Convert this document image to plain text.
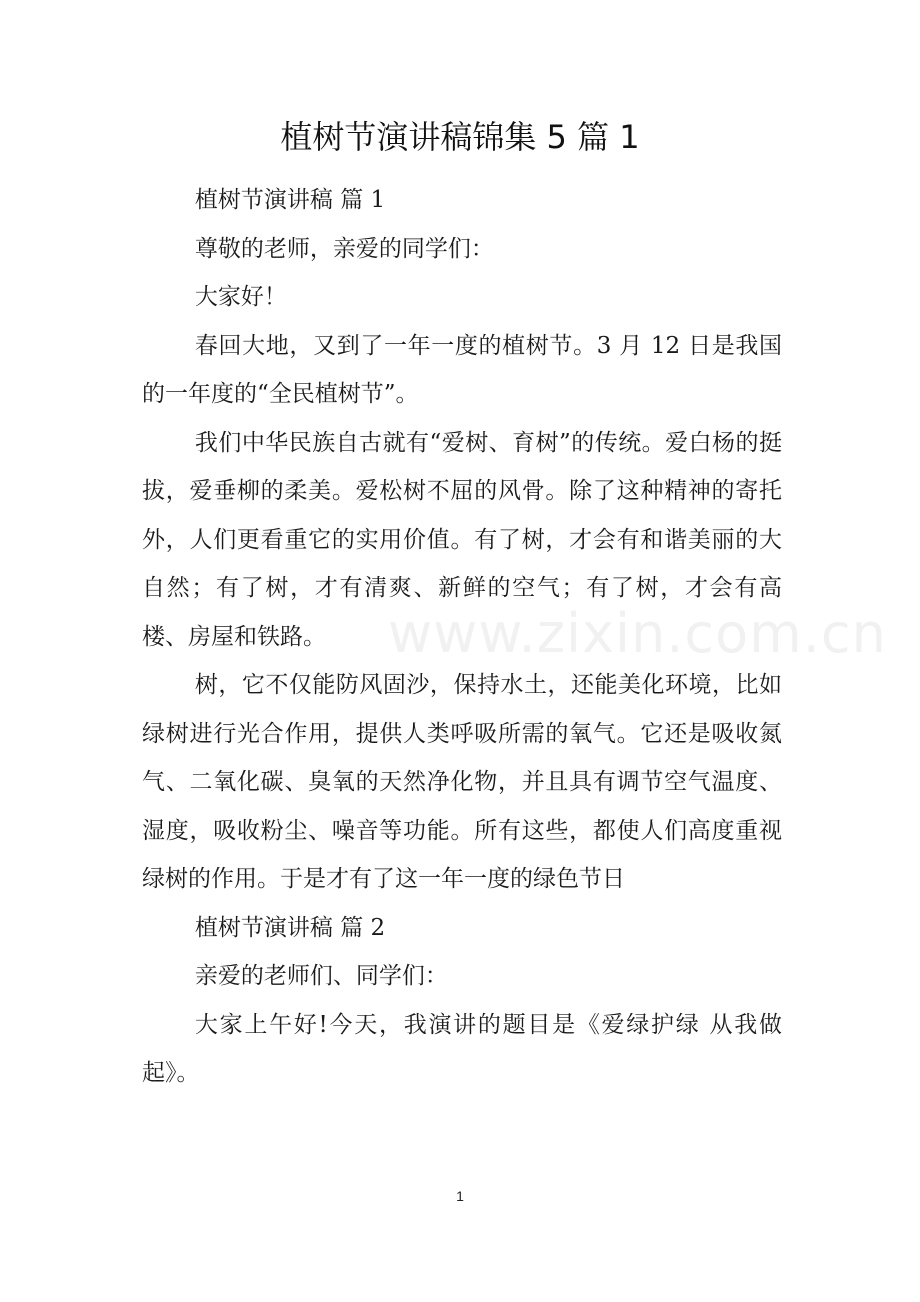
www.zixin.com.cn
植树节演讲稿锦集 5 篇 1

植树节演讲稿 篇 1

尊敬的老师，亲爱的同学们：

大家好！

春回大地，又到了一年一度的植树节。3 月 12 日是我国的一年度的“全民植树节”。

我们中华民族自古就有“爱树、育树”的传统。爱白杨的挺拔，爱垂柳的柔美。爱松树不屈的风骨。除了这种精神的寄托外，人们更看重它的实用价值。有了树，才会有和谐美丽的大自然；有了树，才有清爽、新鲜的空气；有了树，才会有高楼、房屋和铁路。

树，它不仅能防风固沙，保持水土，还能美化环境，比如绿树进行光合作用，提供人类呼吸所需的氧气。它还是吸收氮气、二氧化碳、臭氧的天然净化物，并且具有调节空气温度、湿度，吸收粉尘、噪音等功能。所有这些，都使人们高度重视绿树的作用。于是才有了这一年一度的绿色节日

植树节演讲稿 篇 2

亲爱的老师们、同学们：

大家上午好!今天，我演讲的题目是《爱绿护绿 从我做起》。

1
